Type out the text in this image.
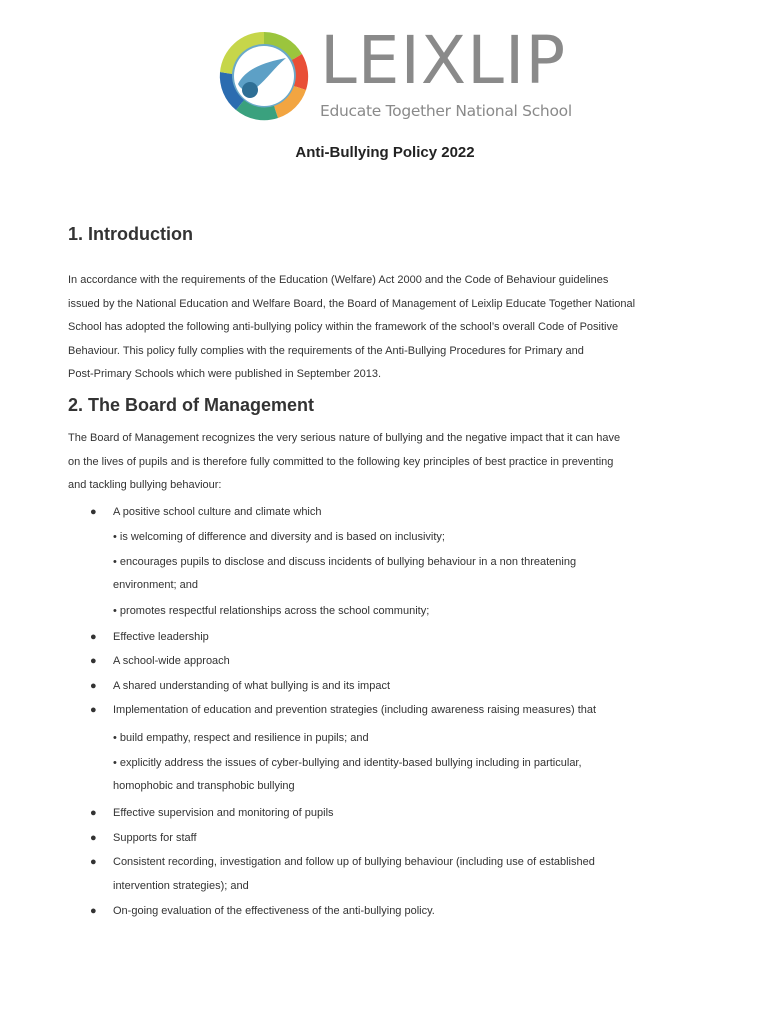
LEIXLIP
Educate Together National School
Anti-Bullying Policy 2022
1. Introduction

In accordance with the requirements of the Education (Welfare) Act 2000 and the Code of Behaviour guidelines

issued by the National Education and Welfare Board, the Board of Management of Leixlip Educate Together National

School has adopted the following anti-bullying policy within the framework of the school’s overall Code of Positive

Behaviour. This policy fully complies with the requirements of the Anti-Bullying Procedures for Primary and

Post-Primary Schools which were published in September 2013.

2. The Board of Management

The Board of Management recognizes the very serious nature of bullying and the negative impact that it can have

on the lives of pupils and is therefore fully committed to the following key principles of best practice in preventing

and tackling bullying behaviour:

● A positive school culture and climate which
• is welcoming of difference and diversity and is based on inclusivity;
• encourages pupils to disclose and discuss incidents of bullying behaviour in a non threatening
environment; and
• promotes respectful relationships across the school community;
● Effective leadership
● A school-wide approach
● A shared understanding of what bullying is and its impact
● Implementation of education and prevention strategies (including awareness raising measures) that
• build empathy, respect and resilience in pupils; and
• explicitly address the issues of cyber-bullying and identity-based bullying including in particular,
homophobic and transphobic bullying
● Effective supervision and monitoring of pupils
● Supports for staff
● Consistent recording, investigation and follow up of bullying behaviour (including use of established
intervention strategies); and
● On-going evaluation of the effectiveness of the anti-bullying policy.
